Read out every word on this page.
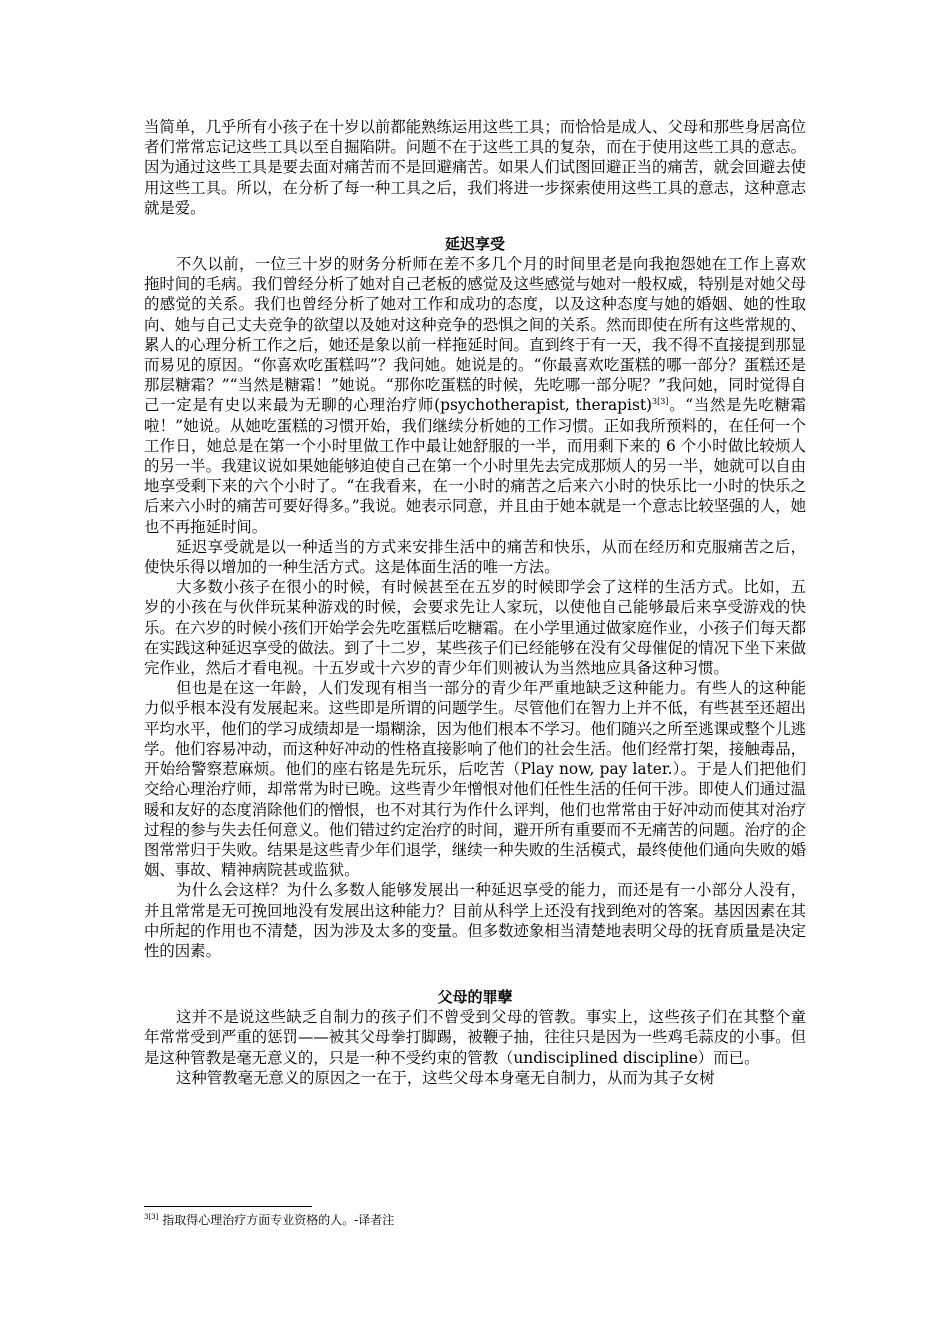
当简单，几乎所有小孩子在十岁以前都能熟练运用这些工具；而恰恰是成人、父母和那些身居高位者们常常忘记这些工具以至自掘陷阱。问题不在于这些工具的复杂，而在于使用这些工具的意志。因为通过这些工具是要去面对痛苦而不是回避痛苦。如果人们试图回避正当的痛苦，就会回避去使用这些工具。所以，在分析了每一种工具之后，我们将进一步探索使用这些工具的意志，这种意志就是爱。

延迟享受

不久以前，一位三十岁的财务分析师在差不多几个月的时间里老是向我抱怨她在工作上喜欢拖时间的毛病。我们曾经分析了她对自己老板的感觉及这些感觉与她对一般权威，特别是对她父母的感觉的关系。我们也曾经分析了她对工作和成功的态度，以及这种态度与她的婚姻、她的性取向、她与自己丈夫竞争的欲望以及她对这种竞争的恐惧之间的关系。然而即使在所有这些常规的、累人的心理分析工作之后，她还是象以前一样拖延时间。直到终于有一天，我不得不直接提到那显而易见的原因。“你喜欢吃蛋糕吗”？我问她。她说是的。“你最喜欢吃蛋糕的哪一部分？蛋糕还是那层糖霜？”“当然是糖霜！”她说。“那你吃蛋糕的时候，先吃哪一部分呢？”我问她，同时觉得自己一定是有史以来最为无聊的心理治疗师(psychotherapist, therapist)$^{3[3]}$。“当然是先吃糖霜啦！”她说。从她吃蛋糕的习惯开始，我们继续分析她的工作习惯。正如我所预料的，在任何一个工作日，她总是在第一个小时里做工作中最让她舒服的一半，而用剩下来的 6 个小时做比较烦人的另一半。我建议说如果她能够迫使自己在第一个小时里先去完成那烦人的另一半，她就可以自由地享受剩下来的六个小时了。“在我看来，在一小时的痛苦之后来六小时的快乐比一小时的快乐之后来六小时的痛苦可要好得多。”我说。她表示同意，并且由于她本就是一个意志比较坚强的人，她也不再拖延时间。

延迟享受就是以一种适当的方式来安排生活中的痛苦和快乐，从而在经历和克服痛苦之后，使快乐得以增加的一种生活方式。这是体面生活的唯一方法。

大多数小孩子在很小的时候，有时候甚至在五岁的时候即学会了这样的生活方式。比如，五岁的小孩在与伙伴玩某种游戏的时候，会要求先让人家玩，以使他自己能够最后来享受游戏的快乐。在六岁的时候小孩们开始学会先吃蛋糕后吃糖霜。在小学里通过做家庭作业，小孩子们每天都在实践这种延迟享受的做法。到了十二岁，某些孩子们已经能够在没有父母催促的情况下坐下来做完作业，然后才看电视。十五岁或十六岁的青少年们则被认为当然地应具备这种习惯。

但也是在这一年龄，人们发现有相当一部分的青少年严重地缺乏这种能力。有些人的这种能力似乎根本没有发展起来。这些即是所谓的问题学生。尽管他们在智力上并不低，有些甚至还超出平均水平，他们的学习成绩却是一塌糊涂，因为他们根本不学习。他们随兴之所至逃课或整个儿逃学。他们容易冲动，而这种好冲动的性格直接影响了他们的社会生活。他们经常打架，接触毒品，开始给警察惹麻烦。他们的座右铭是先玩乐，后吃苦（Play now, pay later.）。于是人们把他们交给心理治疗师，却常常为时已晚。这些青少年憎恨对他们任性生活的任何干涉。即使人们通过温暖和友好的态度消除他们的憎恨，也不对其行为作什么评判，他们也常常由于好冲动而使其对治疗过程的参与失去任何意义。他们错过约定治疗的时间，避开所有重要而不无痛苦的问题。治疗的企图常常归于失败。结果是这些青少年们退学，继续一种失败的生活模式，最终使他们通向失败的婚姻、事故、精神病院甚或监狱。

为什么会这样？为什么多数人能够发展出一种延迟享受的能力，而还是有一小部分人没有，并且常常是无可挽回地没有发展出这种能力？目前从科学上还没有找到绝对的答案。基因因素在其中所起的作用也不清楚，因为涉及太多的变量。但多数迹象相当清楚地表明父母的抚育质量是决定性的因素。

父母的罪孽

这并不是说这些缺乏自制力的孩子们不曾受到父母的管教。事实上，这些孩子们在其整个童年常常受到严重的惩罚——被其父母拳打脚踢，被鞭子抽，往往只是因为一些鸡毛蒜皮的小事。但是这种管教是毫无意义的，只是一种不受约束的管教（undisciplined discipline）而已。

这种管教毫无意义的原因之一在于，这些父母本身毫无自制力，从而为其子女树

$^{3[3]}$ 指取得心理治疗方面专业资格的人。-译者注
